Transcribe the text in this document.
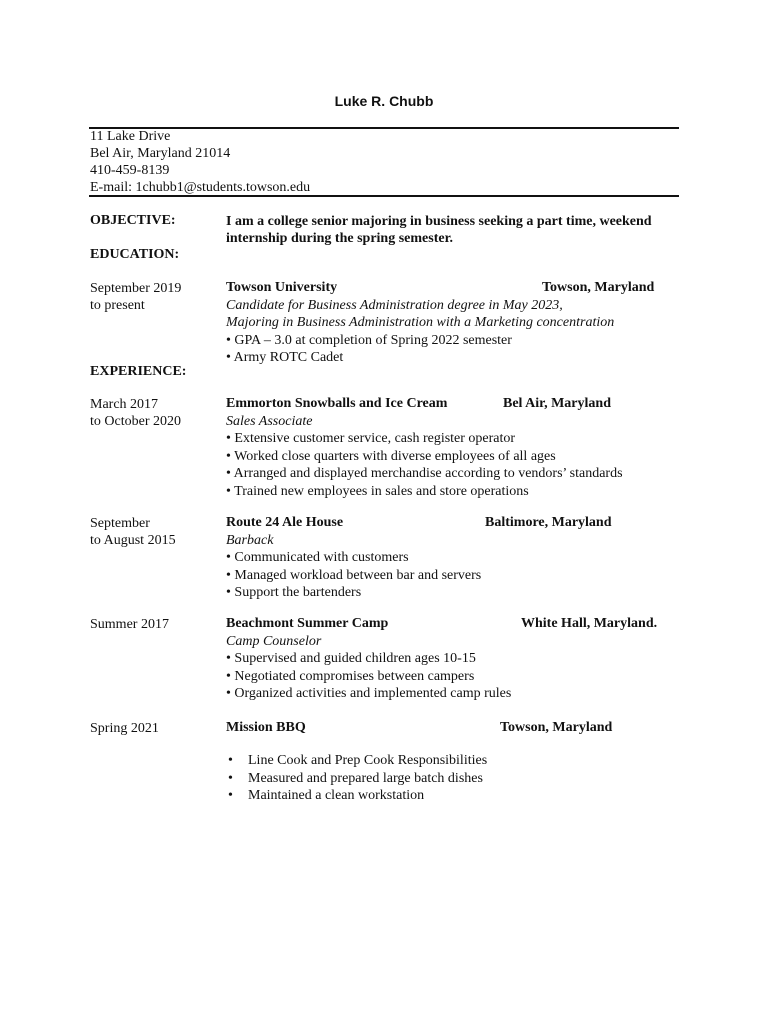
Luke R. Chubb
11 Lake Drive
Bel Air, Maryland 21014
410-459-8139
E-mail: 1chubb1@students.towson.edu
OBJECTIVE:	I am a college senior majoring in business seeking a part time, weekend internship during the spring semester.
EDUCATION:
September 2019
to present
Towson University	Towson, Maryland
Candidate for Business Administration degree in May 2023,
Majoring in Business Administration with a Marketing concentration
• GPA – 3.0 at completion of Spring 2022 semester
• Army ROTC Cadet
EXPERIENCE:
March 2017
to October 2020
Emmorton Snowballs and Ice Cream	Bel Air, Maryland
Sales Associate
• Extensive customer service, cash register operator
• Worked close quarters with diverse employees of all ages
• Arranged and displayed merchandise according to vendors’ standards
• Trained new employees in sales and store operations
September
to August 2015
Route 24 Ale House	Baltimore, Maryland
Barback
• Communicated with customers
• Managed workload between bar and servers
• Support the bartenders
Summer 2017	Beachmont Summer Camp	White Hall, Maryland.
Camp Counselor
• Supervised and guided children ages 10-15
• Negotiated compromises between campers
• Organized activities and implemented camp rules
Spring 2021	Mission BBQ	Towson, Maryland
• Line Cook and Prep Cook Responsibilities
• Measured and prepared large batch dishes
• Maintained a clean workstation
